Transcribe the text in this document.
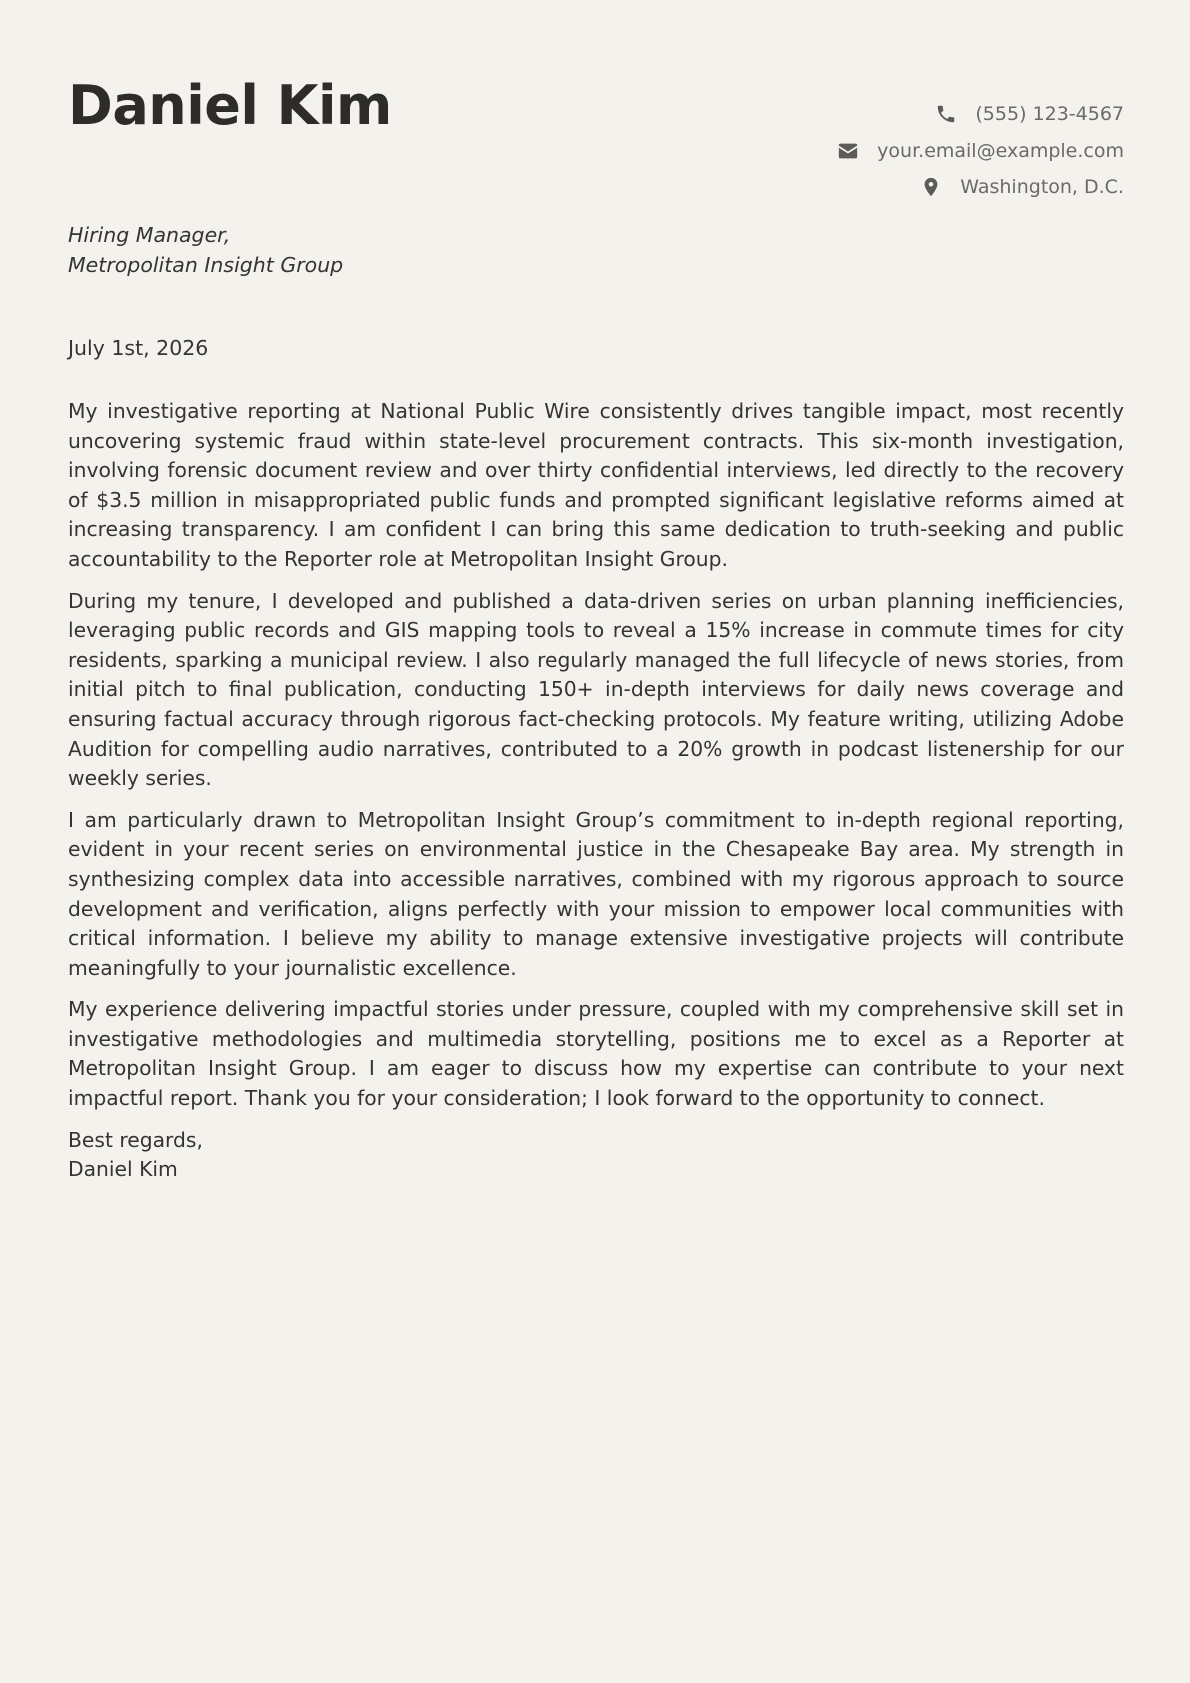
Daniel Kim	(555) 123-4567
your.email@example.com
Washington, D.C.
Hiring Manager,
Metropolitan Insight Group
July 1st, 2026

My investigative reporting at National Public Wire consistently drives tangible impact, most recently uncovering systemic fraud within state-level procurement contracts. This six-month investigation, involving forensic document review and over thirty confidential interviews, led directly to the recovery of $3.5 million in misappropriated public funds and prompted significant legislative reforms aimed at increasing transparency. I am confident I can bring this same dedication to truth-seeking and public accountability to the Reporter role at Metropolitan Insight Group.

During my tenure, I developed and published a data-driven series on urban planning inefficiencies, leveraging public records and GIS mapping tools to reveal a 15% increase in commute times for city residents, sparking a municipal review. I also regularly managed the full lifecycle of news stories, from initial pitch to final publication, conducting 150+ in-depth interviews for daily news coverage and ensuring factual accuracy through rigorous fact-checking protocols. My feature writing, utilizing Adobe Audition for compelling audio narratives, contributed to a 20% growth in podcast listenership for our weekly series.

I am particularly drawn to Metropolitan Insight Group’s commitment to in-depth regional reporting, evident in your recent series on environmental justice in the Chesapeake Bay area. My strength in synthesizing complex data into accessible narratives, combined with my rigorous approach to source development and verification, aligns perfectly with your mission to empower local communities with critical information. I believe my ability to manage extensive investigative projects will contribute meaningfully to your journalistic excellence.

My experience delivering impactful stories under pressure, coupled with my comprehensive skill set in investigative methodologies and multimedia storytelling, positions me to excel as a Reporter at Metropolitan Insight Group. I am eager to discuss how my expertise can contribute to your next impactful report. Thank you for your consideration; I look forward to the opportunity to connect.

Best regards,
Daniel Kim
